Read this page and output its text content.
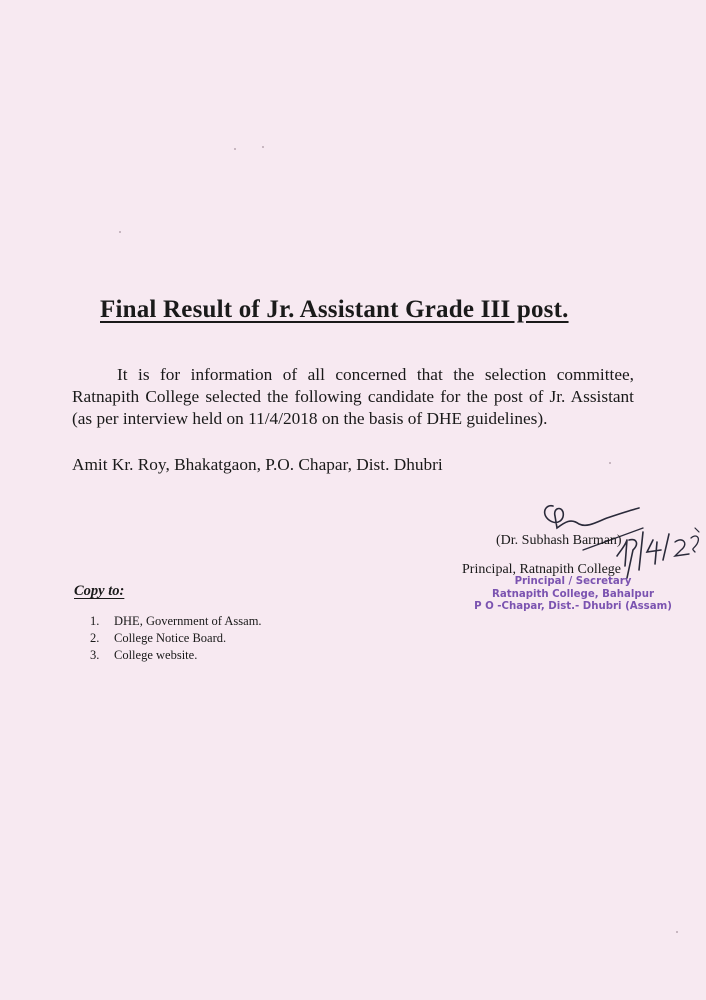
Final Result of Jr. Assistant Grade III post.

It is for information of all concerned that the selection committee, Ratnapith College selected the following candidate for the post of Jr. Assistant (as per interview held on 11/4/2018 on the basis of DHE guidelines).

Amit Kr. Roy, Bhakatgaon, P.O. Chapar, Dist. Dhubri
(Dr. Subhash Barman)
Principal, Ratnapith College
Principal / Secretary
Ratnapith College, Bahalpur
P O -Chapar, Dist.- Dhubri (Assam)
Copy to:
1. DHE, Government of Assam.
2. College Notice Board.
3. College website.
